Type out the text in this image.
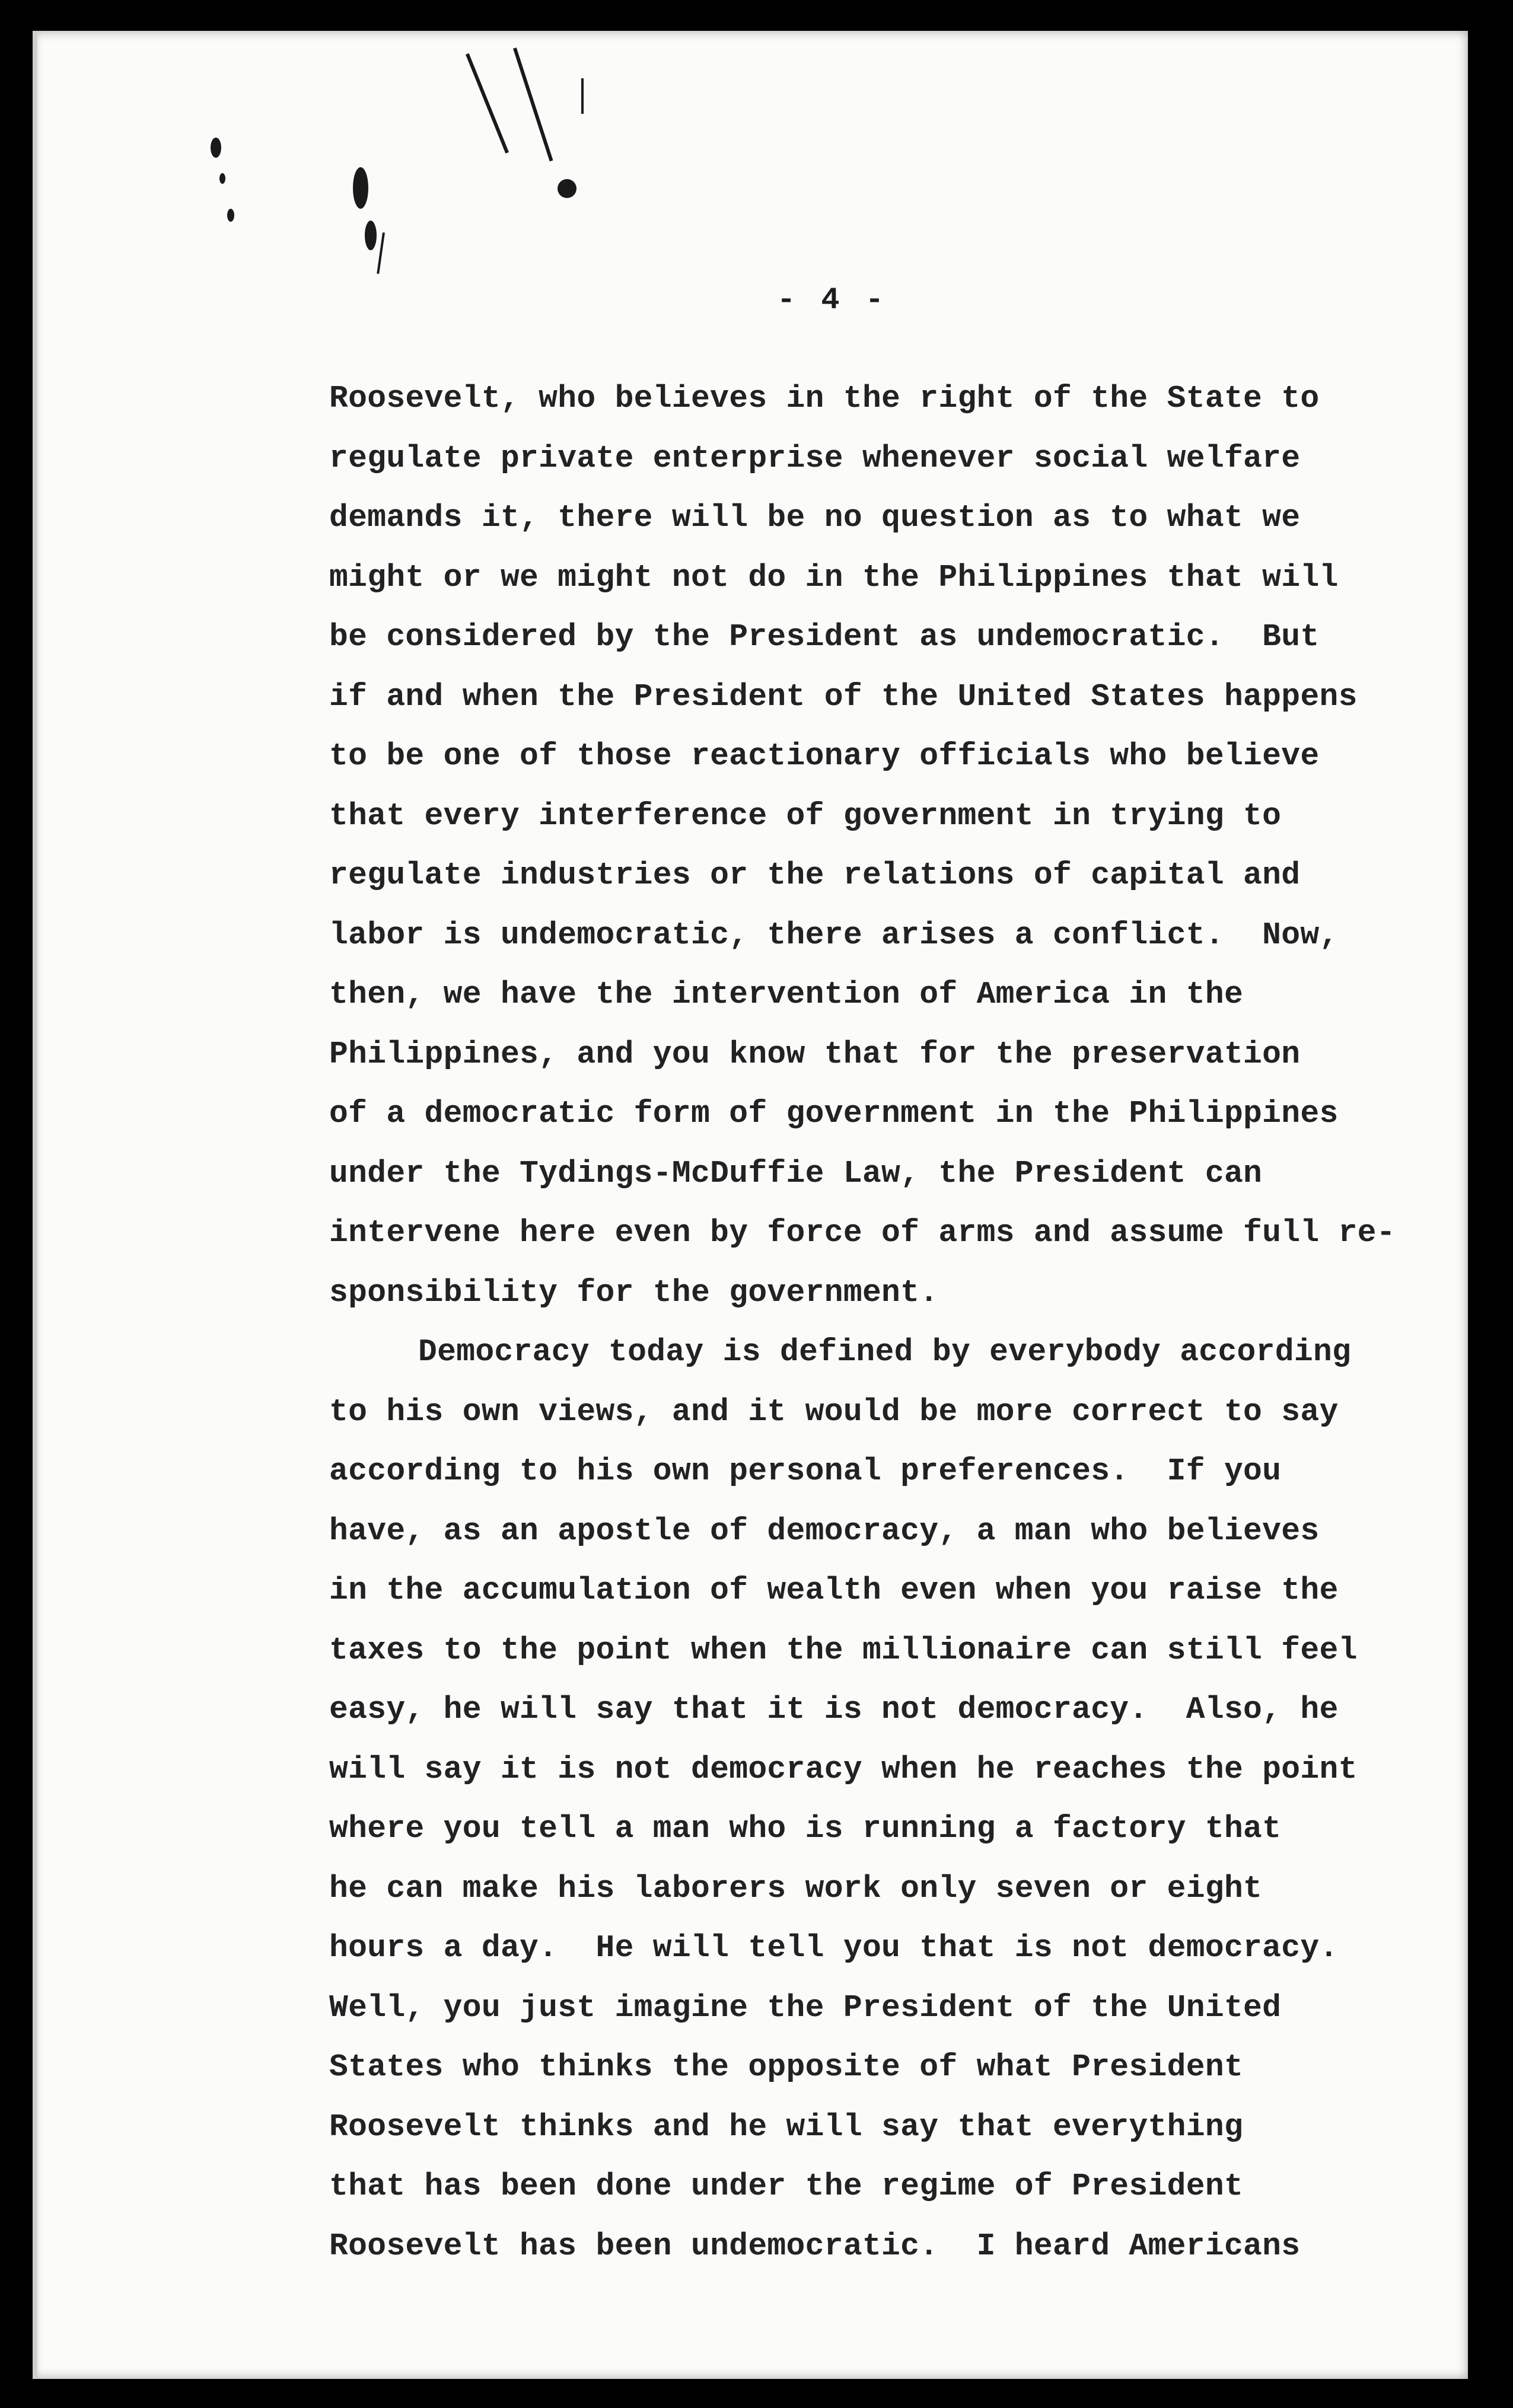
- 4 -
Roosevelt, who believes in the right of the State to
regulate private enterprise whenever social welfare
demands it, there will be no question as to what we
might or we might not do in the Philippines that will
be considered by the President as undemocratic.  But
if and when the President of the United States happens
to be one of those reactionary officials who believe
that every interference of government in trying to
regulate industries or the relations of capital and
labor is undemocratic, there arises a conflict.  Now,
then, we have the intervention of America in the
Philippines, and you know that for the preservation
of a democratic form of government in the Philippines
under the Tydings-McDuffie Law, the President can
intervene here even by force of arms and assume full re-
sponsibility for the government.
Democracy today is defined by everybody according
to his own views, and it would be more correct to say
according to his own personal preferences.  If you
have, as an apostle of democracy, a man who believes
in the accumulation of wealth even when you raise the
taxes to the point when the millionaire can still feel
easy, he will say that it is not democracy.  Also, he
will say it is not democracy when he reaches the point
where you tell a man who is running a factory that
he can make his laborers work only seven or eight
hours a day.  He will tell you that is not democracy.
Well, you just imagine the President of the United
States who thinks the opposite of what President
Roosevelt thinks and he will say that everything
that has been done under the regime of President
Roosevelt has been undemocratic.  I heard Americans
